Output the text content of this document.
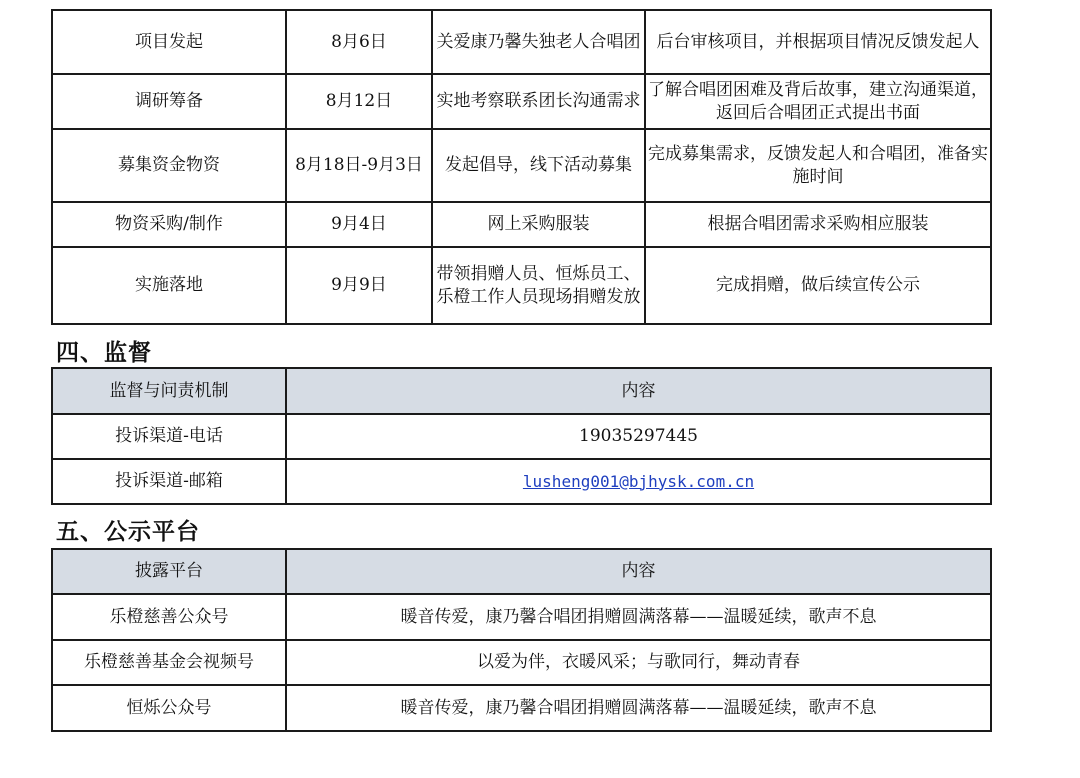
项目发起	8月6日	关爱康乃馨失独老人合唱团	后台审核项目，并根据项目情况反馈发起人
调研筹备	8月12日	实地考察联系团长沟通需求	了解合唱团困难及背后故事，建立沟通渠道，返回后合唱团正式提出书面
募集资金物资	8月18日-9月3日	发起倡导，线下活动募集	完成募集需求，反馈发起人和合唱团，准备实施时间
物资采购/制作	9月4日	网上采购服装	根据合唱团需求采购相应服装
实施落地	9月9日	带领捐赠人员、恒烁员工、乐橙工作人员现场捐赠发放	完成捐赠，做后续宣传公示
四、监督
监督与问责机制	内容
投诉渠道-电话	19035297445
投诉渠道-邮箱	lusheng001@bjhysk.com.cn
五、公示平台
披露平台	内容
乐橙慈善公众号	暖音传爱，康乃馨合唱团捐赠圆满落幕——温暖延续，歌声不息
乐橙慈善基金会视频号	以爱为伴，衣暖风采；与歌同行，舞动青春
恒烁公众号	暖音传爱，康乃馨合唱团捐赠圆满落幕——温暖延续，歌声不息
